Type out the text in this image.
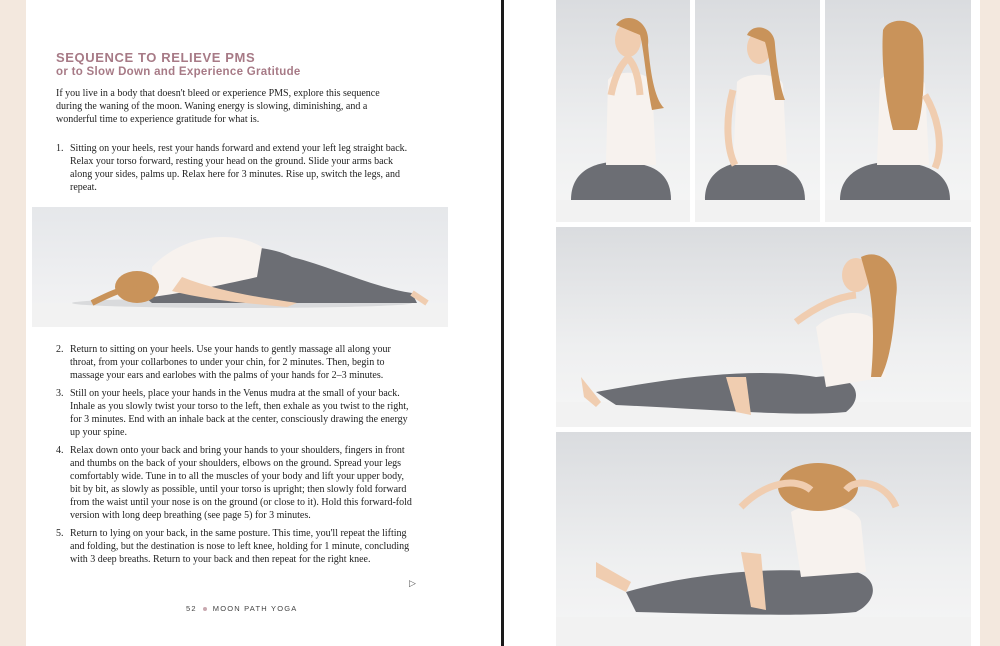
SEQUENCE TO RELIEVE PMS
or to Slow Down and Experience Gratitude
If you live in a body that doesn't bleed or experience PMS, explore this sequence during the waning of the moon. Waning energy is slowing, diminishing, and a wonderful time to experience gratitude for what is.
1. Sitting on your heels, rest your hands forward and extend your left leg straight back. Relax your torso forward, resting your head on the ground. Slide your arms back along your sides, palms up. Relax here for 3 minutes. Rise up, switch the legs, and repeat.
2. Return to sitting on your heels. Use your hands to gently massage all along your throat, from your collarbones to under your chin, for 2 minutes. Then, begin to massage your ears and earlobes with the palms of your hands for 2–3 minutes.
3. Still on your heels, place your hands in the Venus mudra at the small of your back. Inhale as you slowly twist your torso to the left, then exhale as you twist to the right, for 3 minutes. End with an inhale back at the center, consciously drawing the energy up your spine.
4. Relax down onto your back and bring your hands to your shoulders, fingers in front and thumbs on the back of your shoulders, elbows on the ground. Spread your legs comfortably wide. Tune in to all the muscles of your body and lift your upper body, bit by bit, as slowly as possible, until your torso is upright; then slowly fold forward from the waist until your nose is on the ground (or close to it). Hold this forward-fold version with long deep breathing (see page 5) for 3 minutes.
5. Return to lying on your back, in the same posture. This time, you'll repeat the lifting and folding, but the destination is nose to left knee, holding for 1 minute, concluding with 3 deep breaths. Return to your back and then repeat for the right knee.
▷
52 MOON PATH YOGA
